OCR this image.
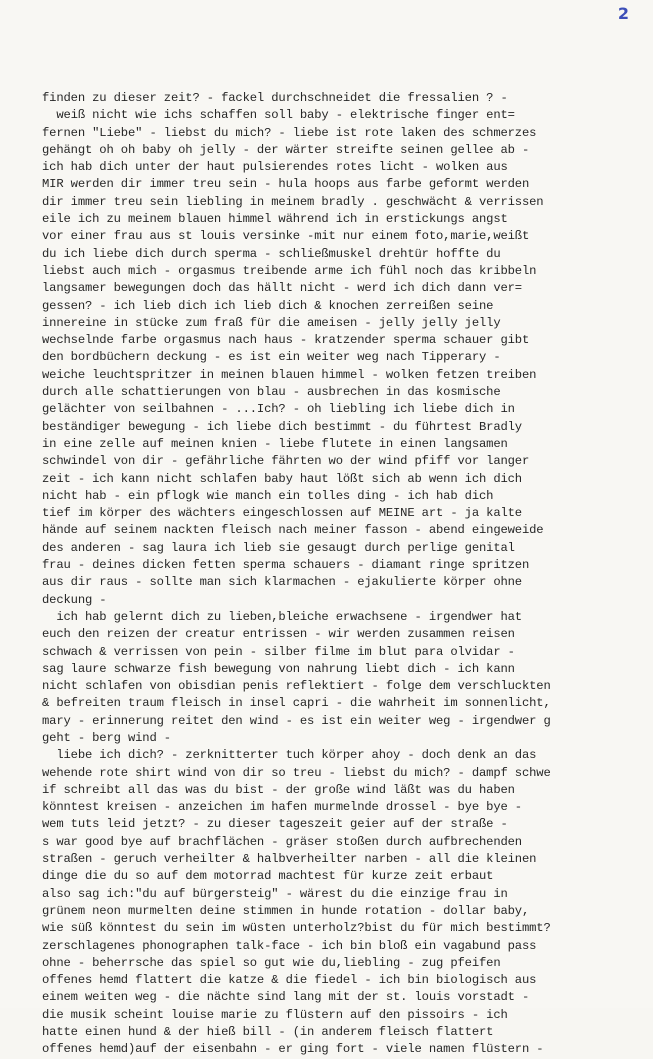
2
finden zu dieser zeit? - fackel durchschneidet die fressalien ? -
weiß nicht wie ichs schaffen soll baby - elektrische finger ent=
fernen "Liebe" - liebst du mich? - liebe ist rote laken des schmerzes
gehängt oh oh baby oh jelly - der wärter streifte seinen gellee ab -
ich hab dich unter der haut pulsierendes rotes licht - wolken aus
MIR werden dir immer treu sein - hula hoops aus farbe geformt werden
dir immer treu sein liebling in meinem bradly . geschwächt & verrissen
eile ich zu meinem blauen himmel während ich in erstickungs angst
vor einer frau aus st louis versinke -mit nur einem foto,marie,weißt
du ich liebe dich durch sperma - schließmuskel drehtür hoffte du
liebst auch mich - orgasmus treibende arme ich fühl noch das kribbeln
langsamer bewegungen doch das hällt nicht - werd ich dich dann ver=
gessen? - ich lieb dich ich lieb dich & knochen zerreißen seine
innereine in stücke zum fraß für die ameisen - jelly jelly jelly
wechselnde farbe orgasmus nach haus - kratzender sperma schauer gibt
den bordbüchern deckung - es ist ein weiter weg nach Tipperary -
weiche leuchtspritzer in meinen blauen himmel - wolken fetzen treiben
durch alle schattierungen von blau - ausbrechen in das kosmische
gelächter von seilbahnen - ...Ich? - oh liebling ich liebe dich in
beständiger bewegung - ich liebe dich bestimmt - du führtest Bradly
in eine zelle auf meinen knien - liebe flutete in einen langsamen
schwindel von dir - gefährliche fährten wo der wind pfiff vor langer
zeit - ich kann nicht schlafen baby haut lößt sich ab wenn ich dich
nicht hab - ein pflogk wie manch ein tolles ding - ich hab dich
tief im körper des wächters eingeschlossen auf MEINE art - ja kalte
hände auf seinem nackten fleisch nach meiner fasson - abend eingeweide
des anderen - sag laura ich lieb sie gesaugt durch perlige genital
frau - deines dicken fetten sperma schauers - diamant ringe spritzen
aus dir raus - sollte man sich klarmachen - ejakulierte körper ohne
deckung -
ich hab gelernt dich zu lieben,bleiche erwachsene - irgendwer hat
euch den reizen der creatur entrissen - wir werden zusammen reisen
schwach & verrissen von pein - silber filme im blut para olvidar -
sag laure schwarze fish bewegung von nahrung liebt dich - ich kann
nicht schlafen von obisdian penis reflektiert - folge dem verschluckten
& befreiten traum fleisch in insel capri - die wahrheit im sonnenlicht,
mary - erinnerung reitet den wind - es ist ein weiter weg - irgendwer g
geht - berg wind -
liebe ich dich? - zerknitterter tuch körper ahoy - doch denk an das
wehende rote shirt wind von dir so treu - liebst du mich? - dampf schwe
if schreibt all das was du bist - der große wind läßt was du haben
könntest kreisen - anzeichen im hafen murmelnde drossel - bye bye -
wem tuts leid jetzt? - zu dieser tageszeit geier auf der straße -
s war good bye auf brachflächen - gräser stoßen durch aufbrechenden
straßen - geruch verheilter & halbverheilter narben - all die kleinen
dinge die du so auf dem motorrad machtest für kurze zeit erbaut
also sag ich:"du auf bürgersteig" - wärest du die einzige frau in
grünem neon murmelten deine stimmen in hunde rotation - dollar baby,
wie süß könntest du sein im wüsten unterholz?bist du für mich bestimmt?
zerschlagenes phonographen talk-face - ich bin bloß ein vagabund pass
ohne - beherrsche das spiel so gut wie du,liebling - zug pfeifen
offenes hemd flattert die katze & die fiedel - ich bin biologisch aus
einem weiten weg - die nächte sind lang mit der st. louis vorstadt -
die musik scheint louise marie zu flüstern auf den pissoirs - ich
hatte einen hund & der hieß bill - (in anderem fleisch flattert
offenes hemd)auf der eisenbahn - er ging fort - viele namen flüstern -
